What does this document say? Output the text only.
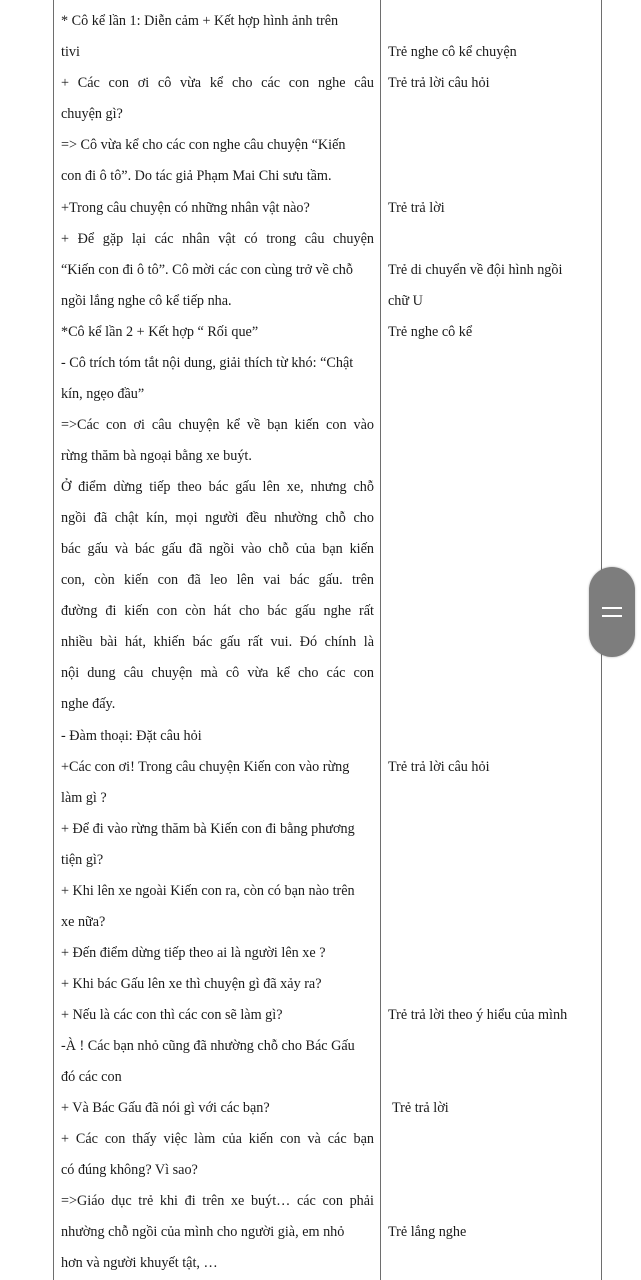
* Cô kể lần 1: Diễn cảm + Kết hợp hình ảnh trên
tivi
+ Các con ơi cô vừa kể cho các con nghe câu
chuyện gì?
=> Cô vừa kể cho các con nghe câu chuyện “Kiến
con đi ô tô”. Do tác giả Phạm Mai Chi sưu tầm.
+Trong câu chuyện có những nhân vật nào?
+ Để gặp lại các nhân vật có trong câu chuyện
“Kiến con đi ô tô”. Cô mời các con cùng trở về chỗ
ngồi lắng nghe cô kể tiếp nha.
*Cô kể lần 2 + Kết hợp “ Rối que”
- Cô trích tóm tắt nội dung, giải thích từ khó: “Chật
kín, ngẹo đầu”
=>Các con ơi câu chuyện kể về bạn kiến con vào
rừng thăm bà ngoại bằng xe buýt.
Ở điểm dừng tiếp theo bác gấu lên xe, nhưng chỗ
ngồi đã chật kín, mọi người đều nhường chỗ cho
bác gấu và bác gấu đã ngồi vào chỗ của bạn kiến
con, còn kiến con đã leo lên vai bác gấu. trên
đường đi kiến con còn hát cho bác gấu nghe rất
nhiều bài hát, khiến bác gấu rất vui. Đó chính là
nội dung câu chuyện mà cô vừa kể cho các con
nghe đấy.
- Đàm thoại: Đặt câu hỏi
+Các con ơi! Trong câu chuyện Kiến con vào rừng
làm gì ?
+ Để đi vào rừng thăm bà Kiến con đi bằng phương
tiện gì?
+ Khi lên xe ngoài Kiến con ra, còn có bạn nào trên
xe nữa?
+ Đến điểm dừng tiếp theo ai là người lên xe ?
+ Khi bác Gấu lên xe thì chuyện gì đã xảy ra?
+ Nếu là các con thì các con sẽ làm gì?
-À ! Các bạn nhỏ cũng đã nhường chỗ cho Bác Gấu
đó các con
+ Và Bác Gấu đã nói gì với các bạn?
+ Các con thấy việc làm của kiến con và các bạn
có đúng không? Vì sao?
=>Giáo dục trẻ khi đi trên xe buýt… các con phải
nhường chỗ ngồi của mình cho người già, em nhỏ
hơn và người khuyết tật, …
Trẻ nghe cô kể chuyện
Trẻ trả lời câu hỏi
Trẻ trả lời
Trẻ di chuyển về đội hình ngồi
chữ U
Trẻ nghe cô kể
Trẻ trả lời câu hỏi
Trẻ trả lời theo ý hiểu của mình
Trẻ trả lời
Trẻ lắng nghe
